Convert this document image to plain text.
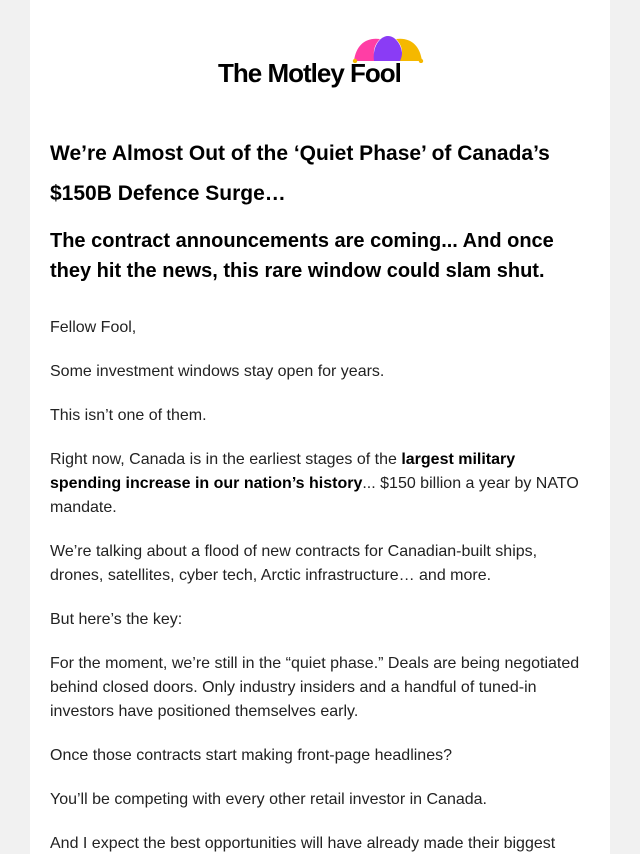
The Motley Fool
We’re Almost Out of the ‘Quiet Phase’ of Canada’s $150B Defence Surge…
The contract announcements are coming... And once they hit the news, this rare window could slam shut.

Fellow Fool,

Some investment windows stay open for years.

This isn’t one of them.

Right now, Canada is in the earliest stages of the largest military spending increase in our nation’s history... $150 billion a year by NATO mandate.

We’re talking about a flood of new contracts for Canadian-built ships, drones, satellites, cyber tech, Arctic infrastructure… and more.

But here’s the key:

For the moment, we’re still in the “quiet phase.” Deals are being negotiated behind closed doors. Only industry insiders and a handful of tuned-in investors have positioned themselves early.

Once those contracts start making front-page headlines?

You’ll be competing with every other retail investor in Canada.

And I expect the best opportunities will have already made their biggest
